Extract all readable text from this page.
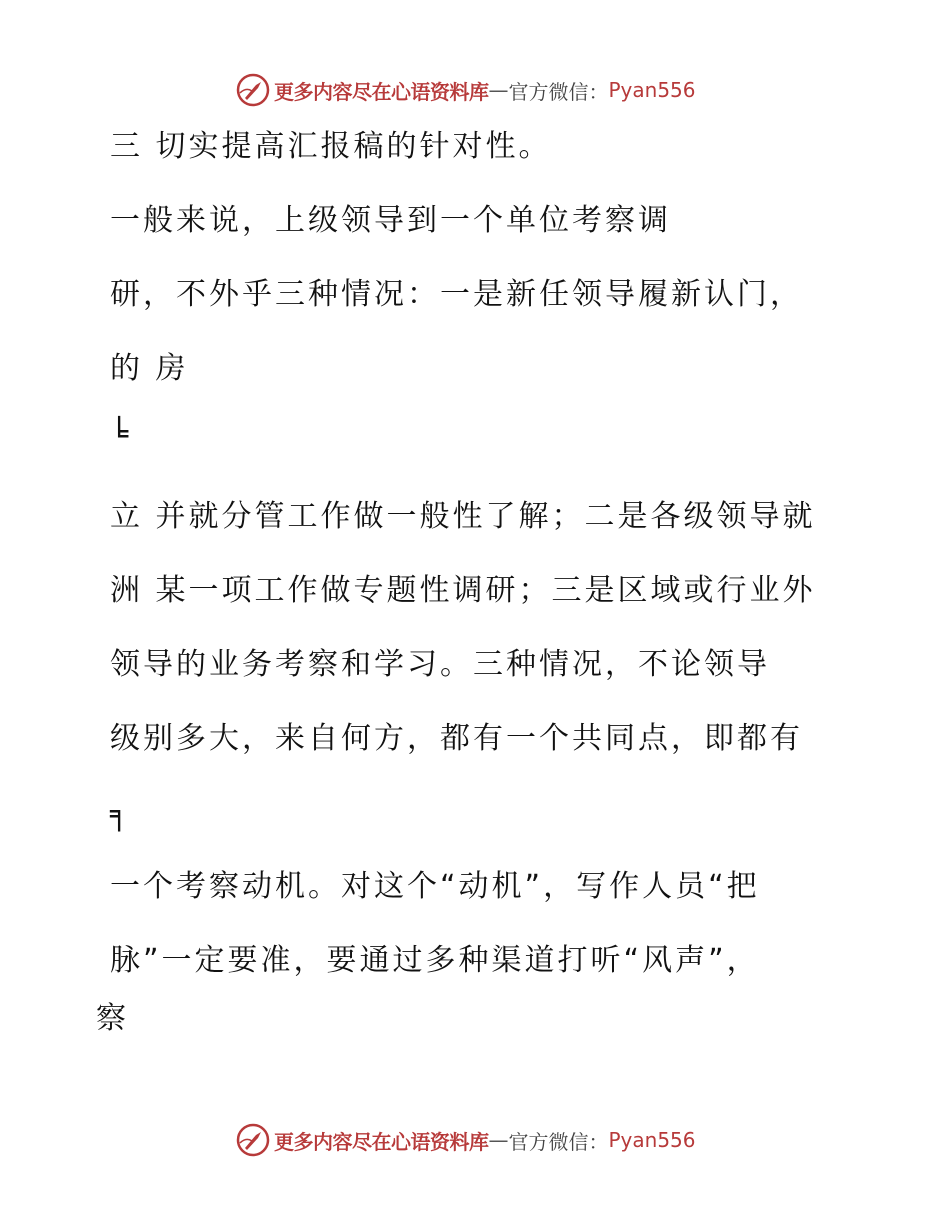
更多内容尽在心语资料库 — 官方微信： Pyan556
三 切实提高汇报稿的针对性。
一般来说，上级领导到一个单位考察调
研，不外乎三种情况：一是新任领导履新认门，
的 房
╘
立 并就分管工作做一般性了解；二是各级领导就
洲 某一项工作做专题性调研；三是区域或行业外
领导的业务考察和学习。三种情况，不论领导
级别多大，来自何方，都有一个共同点，即都有
╕
一个考察动机。对这个“动机”，写作人员“把
脉”一定要准，要通过多种渠道打听“风声”，
察
更多内容尽在心语资料库 — 官方微信： Pyan556
